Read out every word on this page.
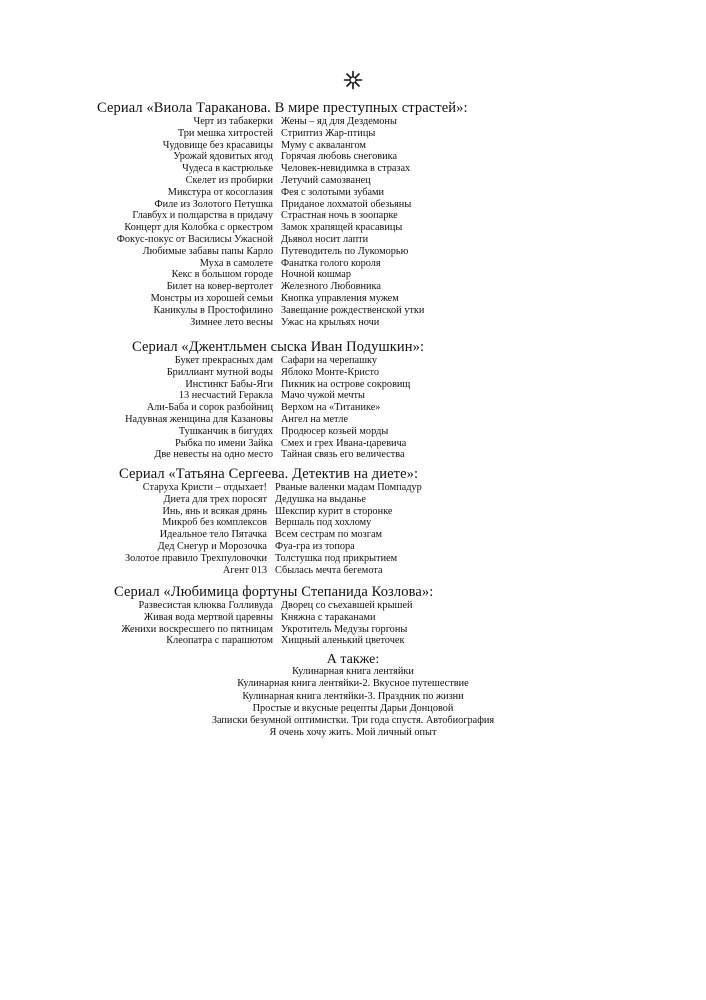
Сериал «Виола Тараканова. В мире преступных страстей»:
Черт из табакерки Жены – яд для Дездемоны
Три мешка хитростей Стриптиз Жар-птицы
Чудовище без красавицы Муму с аквалангом
Урожай ядовитых ягод Горячая любовь снеговика
Чудеса в кастрюльке Человек-невидимка в стразах
Скелет из пробирки Летучий самозванец
Микстура от косоглазия Фея с золотыми зубами
Филе из Золотого Петушка Приданое лохматой обезьяны
Главбух и полцарства в придачу Страстная ночь в зоопарке
Концерт для Колобка с оркестром Замок храпящей красавицы
Фокус-покус от Василисы Ужасной Дьявол носит лапти
Любимые забавы папы Карло Путеводитель по Лукоморью
Муха в самолете Фанатка голого короля
Кекс в большом городе Ночной кошмар
Билет на ковер-вертолет Железного Любовника
Монстры из хорошей семьи Кнопка управления мужем
Каникулы в Простофилино Завещание рождественской утки
Зимнее лето весны Ужас на крыльях ночи
Сериал «Джентльмен сыска Иван Подушкин»:
Букет прекрасных дам Сафари на черепашку
Бриллиант мутной воды Яблоко Монте-Кристо
Инстинкт Бабы-Яги Пикник на острове сокровищ
13 несчастий Геракла Мачо чужой мечты
Али-Баба и сорок разбойниц Верхом на «Титанике»
Надувная женщина для Казановы Ангел на метле
Тушканчик в бигудях Продюсер козьей морды
Рыбка по имени Зайка Смех и грех Ивана-царевича
Две невесты на одно место Тайная связь его величества
Сериал «Татьяна Сергеева. Детектив на диете»:
Старуха Кристи – отдыхает! Рваные валенки мадам Помпадур
Диета для трех поросят Дедушка на выданье
Инь, янь и всякая дрянь Шекспир курит в сторонке
Микроб без комплексов Вершаль под хохлому
Идеальное тело Пятачка Всем сестрам по мозгам
Дед Снегур и Морозочка Фуа-гра из топора
Золотое правило Трехпуловочки Толстушка под прикрытием
Агент 013 Сбылась мечта бегемота
Сериал «Любимица фортуны Степанида Козлова»:
Развесистая клюква Голливуда Дворец со съехавшей крышей
Живая вода мертвой царевны Княжна с тараканами
Женихи воскресшего по пятницам Укротитель Медузы горгоны
Клеопатра с парашютом Хищный аленький цветочек
А также:
Кулинарная книга лентяйки
Кулинарная книга лентяйки-2. Вкусное путешествие
Кулинарная книга лентяйки-3. Праздник по жизни
Простые и вкусные рецепты Дарьи Донцовой
Записки безумной оптимистки. Три года спустя. Автобиография
Я очень хочу жить. Мой личный опыт
